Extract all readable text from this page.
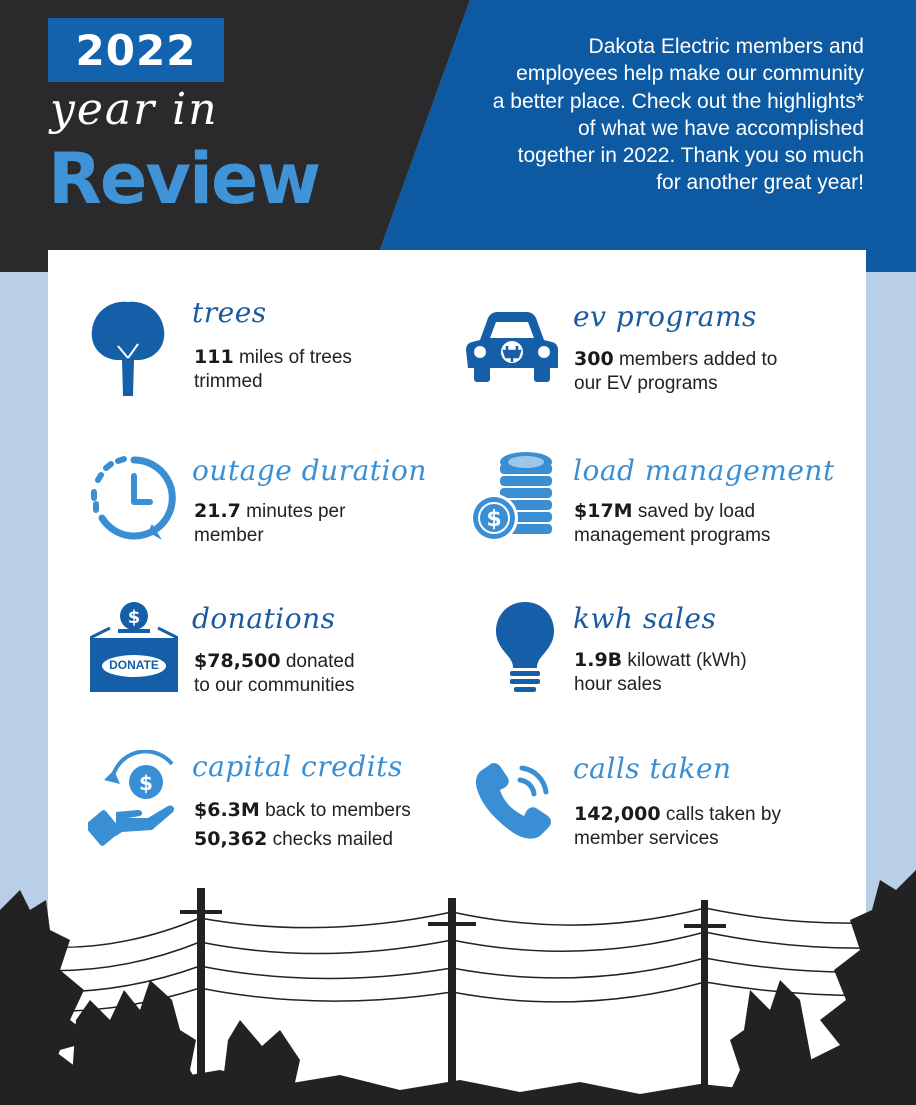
2022
year in
Review
Dakota Electric members and
employees help make our community
a better place. Check out the highlights*
of what we have accomplished
together in 2022. Thank you so much
for another great year!
trees
111 miles of trees
trimmed
ev programs
300 members added to
our EV programs
outage duration
21.7 minutes per
member
$
load management
$17M saved by load
management programs
$
DONATE
donations
$78,500 donated
to our communities
kwh sales
1.9B kilowatt (kWh)
hour sales
$ capital credits
$6.3M back to members
50,362 checks mailed
calls taken
142,000 calls taken by
member services
